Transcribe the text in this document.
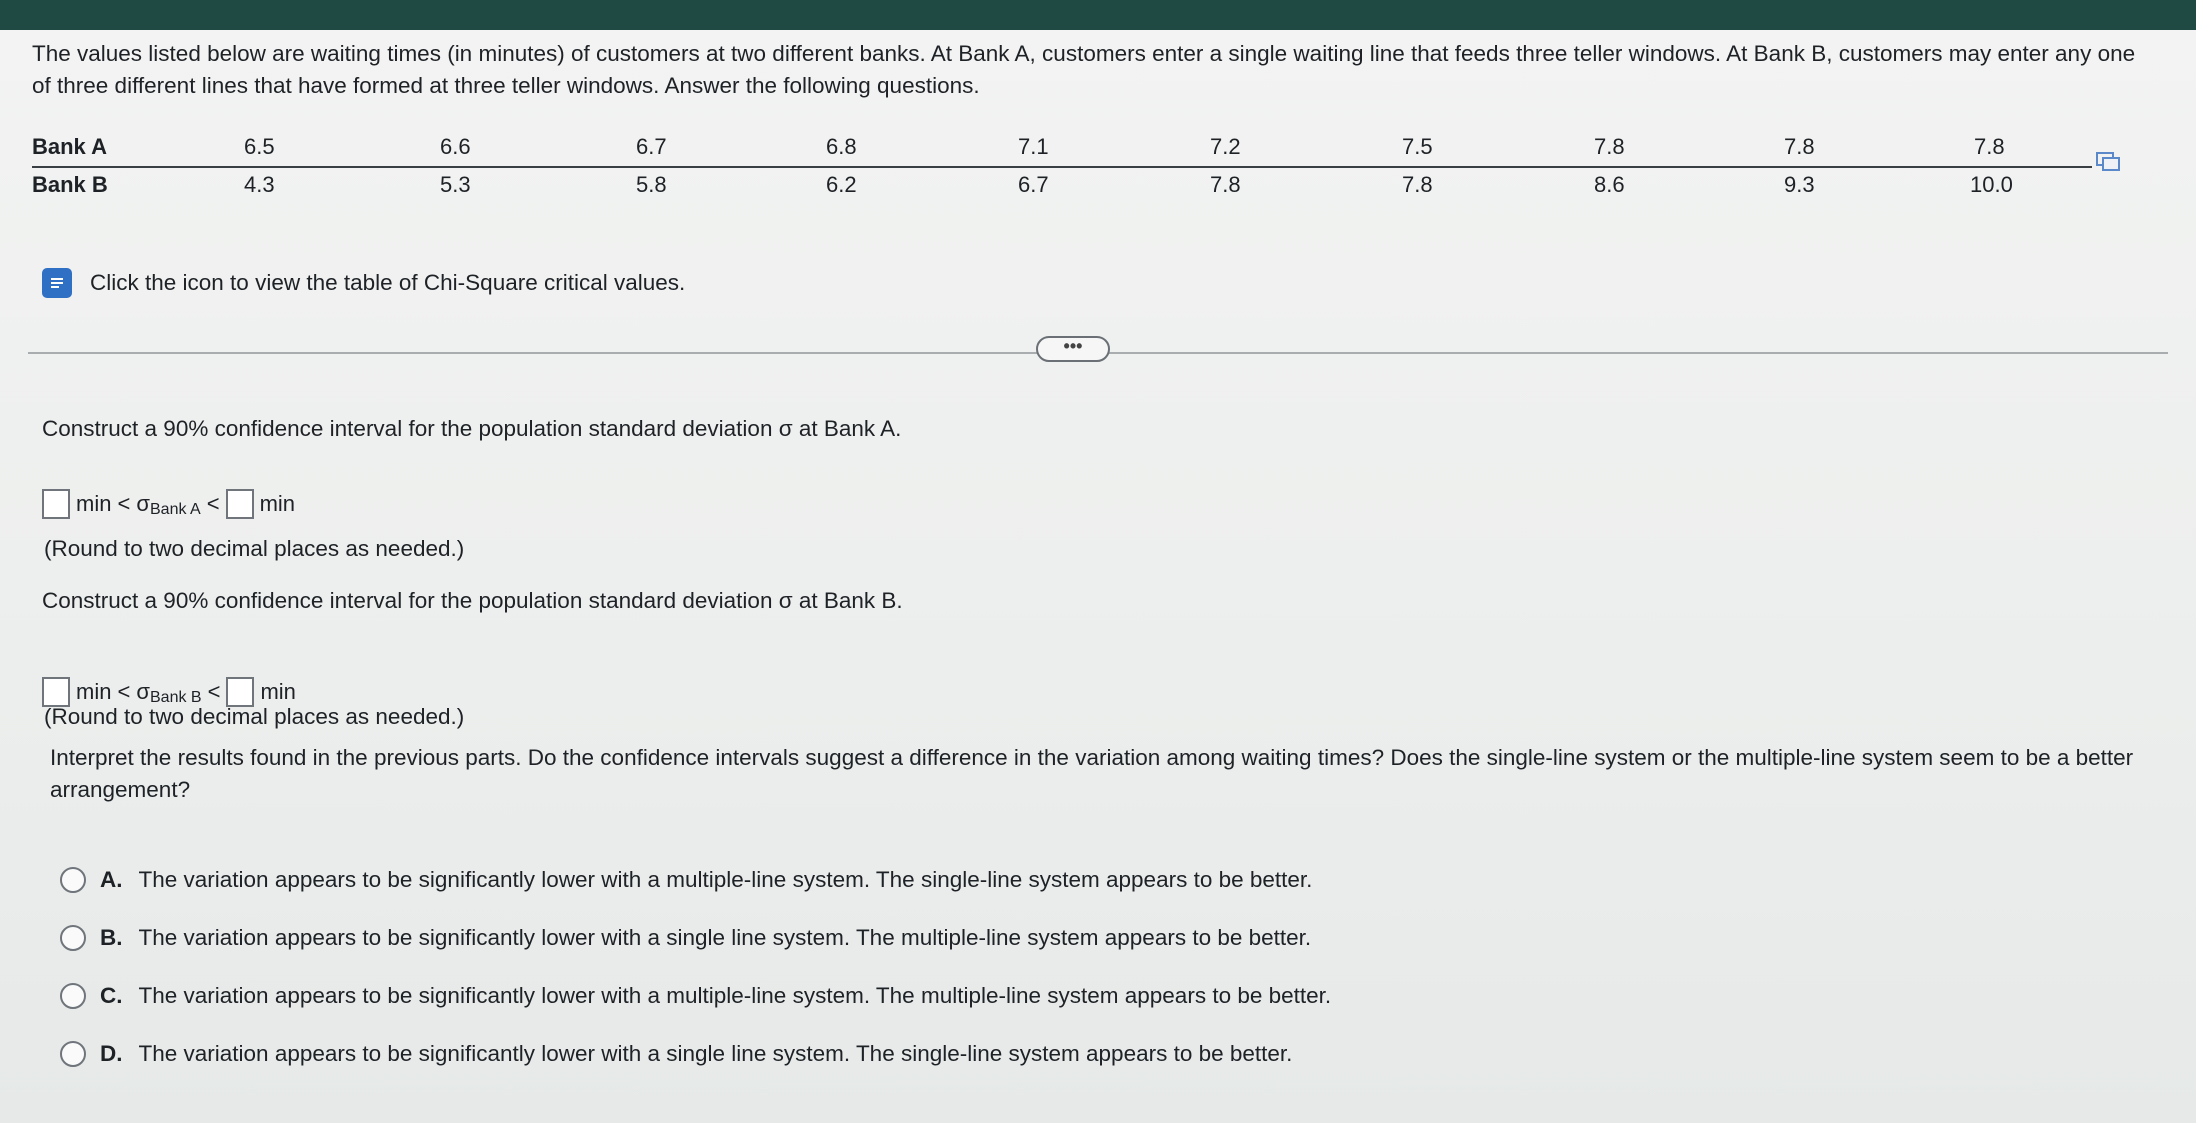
The values listed below are waiting times (in minutes) of customers at two different banks. At Bank A, customers enter a single waiting line that feeds three teller windows. At Bank B, customers may enter any one of three different lines that have formed at three teller windows. Answer the following questions.

Bank A	6.5	6.6	6.7	6.8	7.1	7.2	7.5	7.8	7.8	7.8
Bank B	4.3	5.3	5.8	6.2	6.7	7.8	7.8	8.6	9.3	10.0
Click the icon to view the table of Chi-Square critical values.
•••

Construct a 90% confidence interval for the population standard deviation σ at Bank A.

min < σ Bank A < min

(Round to two decimal places as needed.)

Construct a 90% confidence interval for the population standard deviation σ at Bank B.

min < σ Bank B < min

(Round to two decimal places as needed.)

Interpret the results found in the previous parts. Do the confidence intervals suggest a difference in the variation among waiting times? Does the single-line system or the multiple-line system seem to be a better arrangement?

A. The variation appears to be significantly lower with a multiple-line system. The single-line system appears to be better.
B. The variation appears to be significantly lower with a single line system. The multiple-line system appears to be better.
C. The variation appears to be significantly lower with a multiple-line system. The multiple-line system appears to be better.
D. The variation appears to be significantly lower with a single line system. The single-line system appears to be better.
